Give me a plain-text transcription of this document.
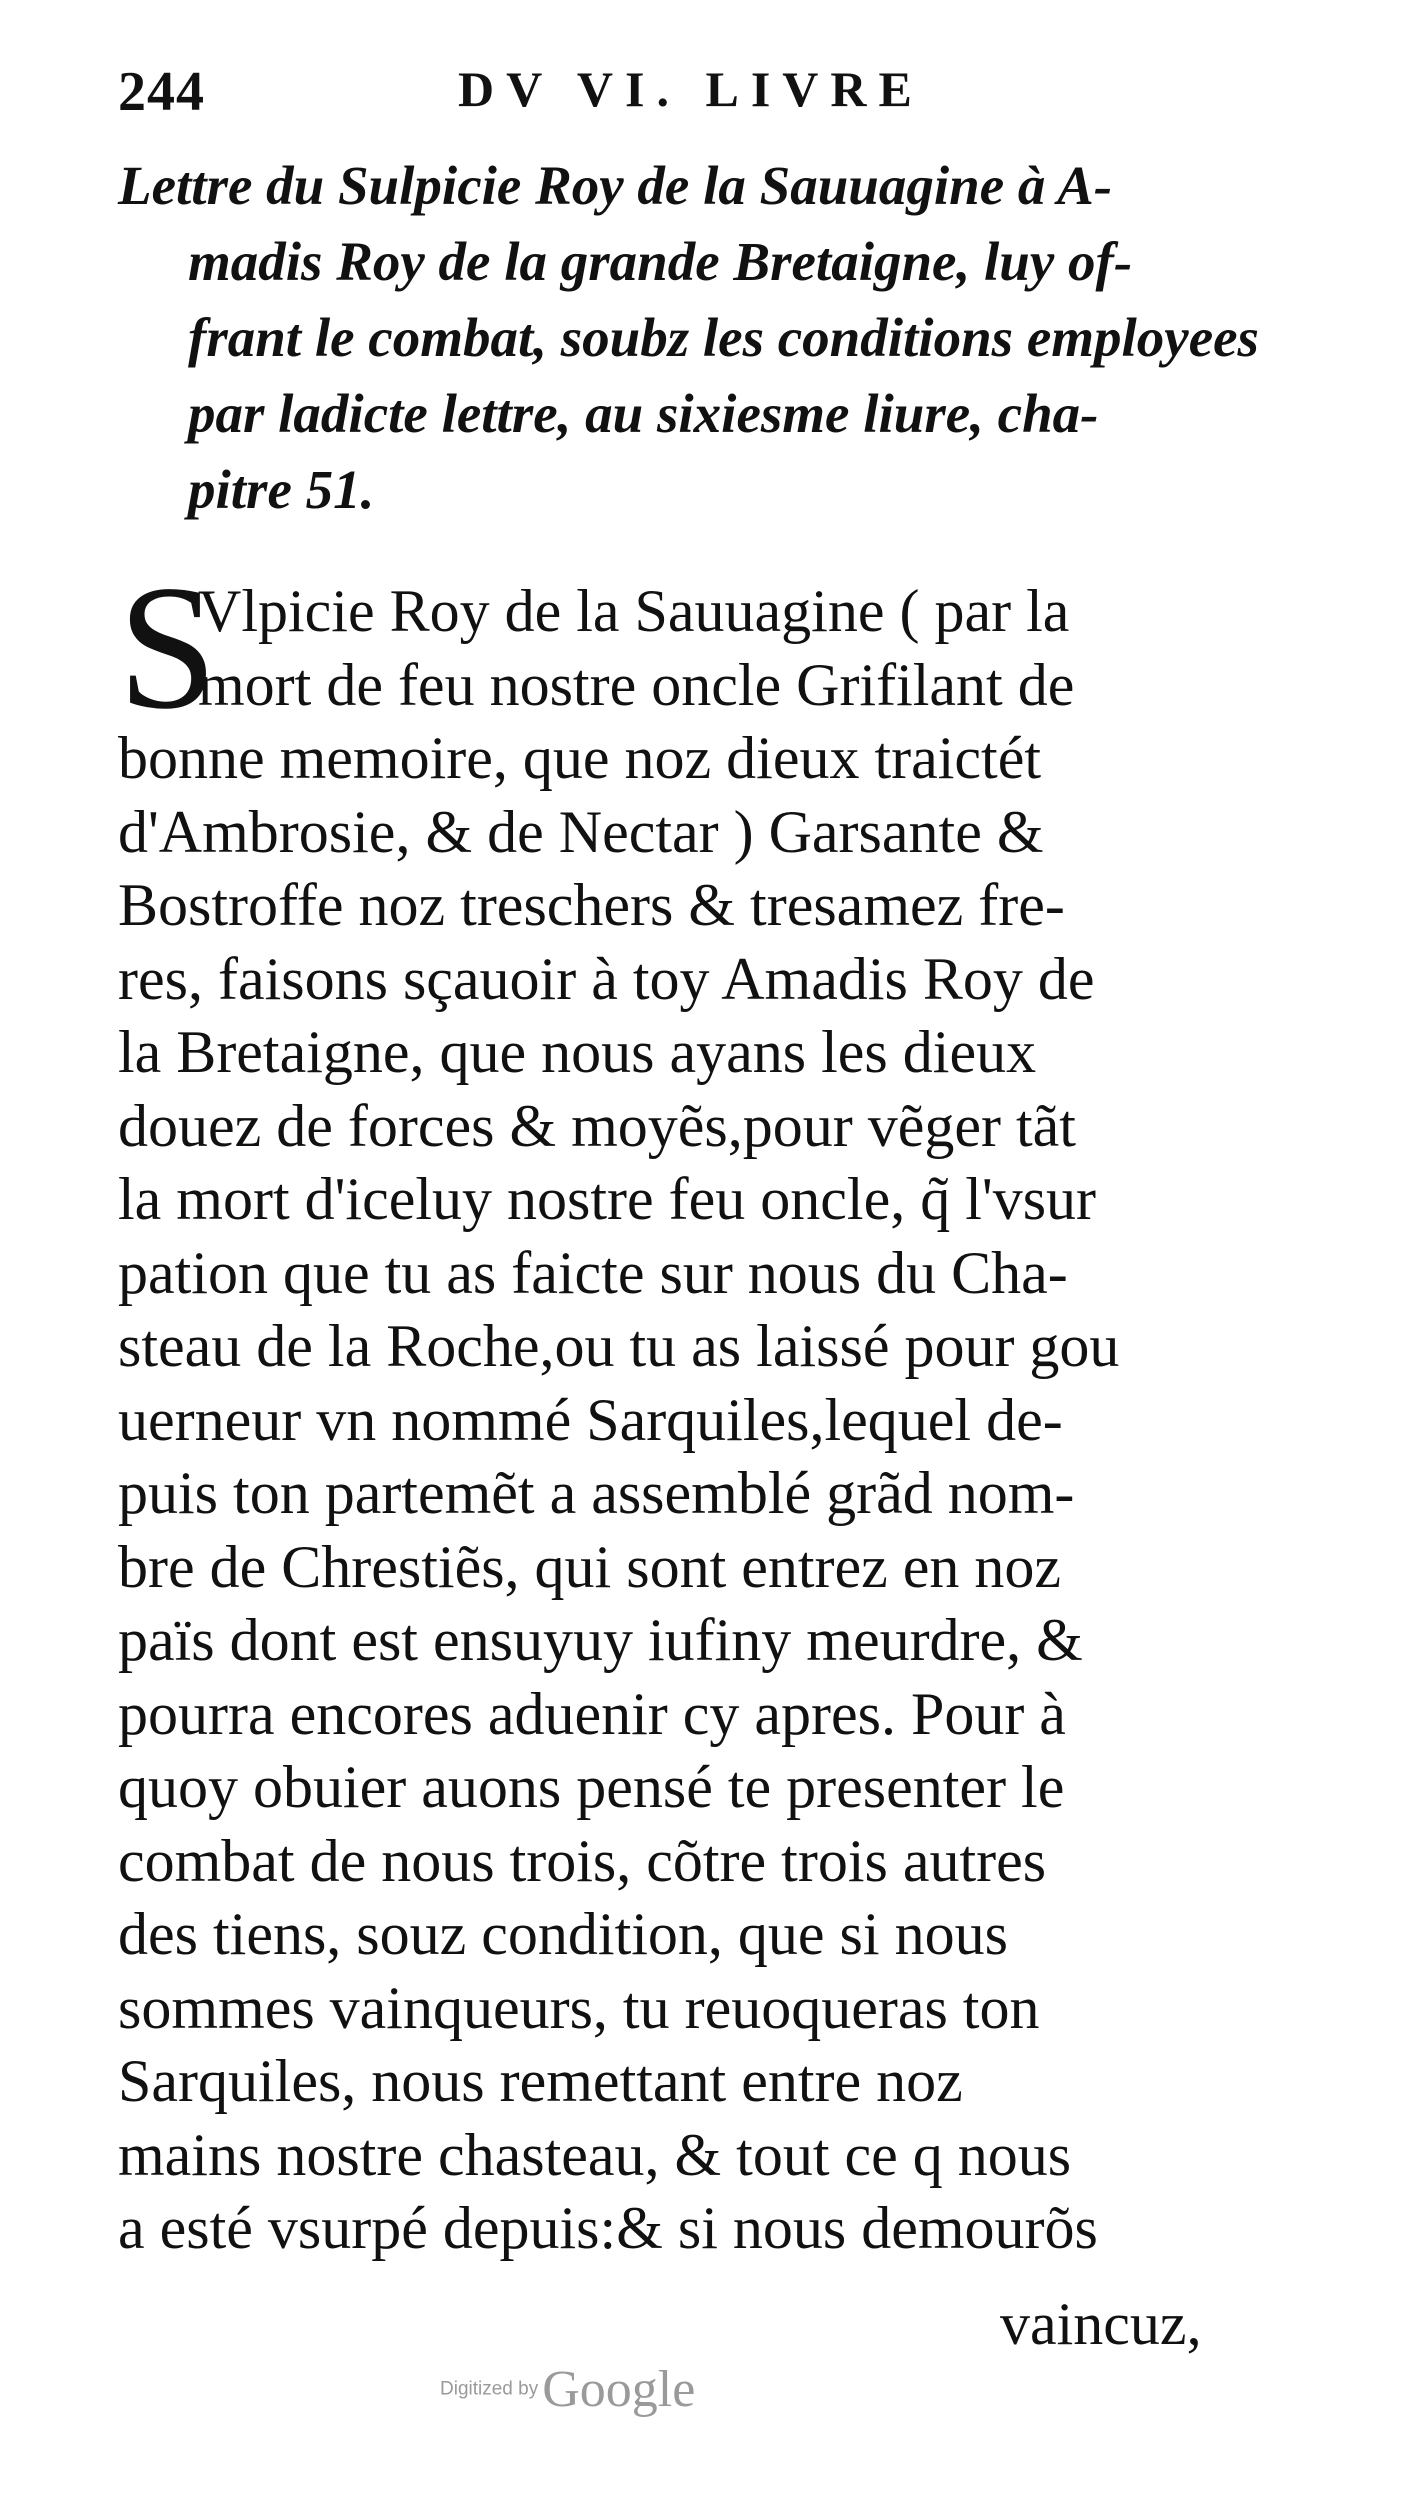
244	DV VI. LIVRE
Lettre du Sulpicie Roy de la Sauuagine à A-
madis Roy de la grande Bretaigne, luy of-
frant le combat, soubz les conditions employees
par ladicte lettre, au sixiesme liure, cha-
pitre 51.
S
Vlpicie Roy de la Sauuagine ( par la
mort de feu nostre oncle Grifilant de
bonne memoire, que noz dieux traictét
d'Ambrosie, & de Nectar ) Garsante &
Bostroffe noz treschers & tresamez fre-
res, faisons sçauoir à toy Amadis Roy de
la Bretaigne, que nous ayans les dieux
douez de forces & moyẽs,pour vẽger tãt
la mort d'iceluy nostre feu oncle, q̃ l'vsur
pation que tu as faicte sur nous du Cha-
steau de la Roche,ou tu as laissé pour gou
uerneur vn nommé Sarquiles,lequel de-
puis ton partemẽt a assemblé grãd nom-
bre de Chrestiẽs, qui sont entrez en noz
païs dont est ensuyuy iufiny meurdre, &
pourra encores aduenir cy apres. Pour à
quoy obuier auons pensé te presenter le
combat de nous trois, cõtre trois autres
des tiens, souz condition, que si nous
sommes vainqueurs, tu reuoqueras ton
Sarquiles, nous remettant entre noz
mains nostre chasteau, & tout ce q nous
a esté vsurpé depuis:& si nous demourõs
vaincuz,
Digitized by Google
